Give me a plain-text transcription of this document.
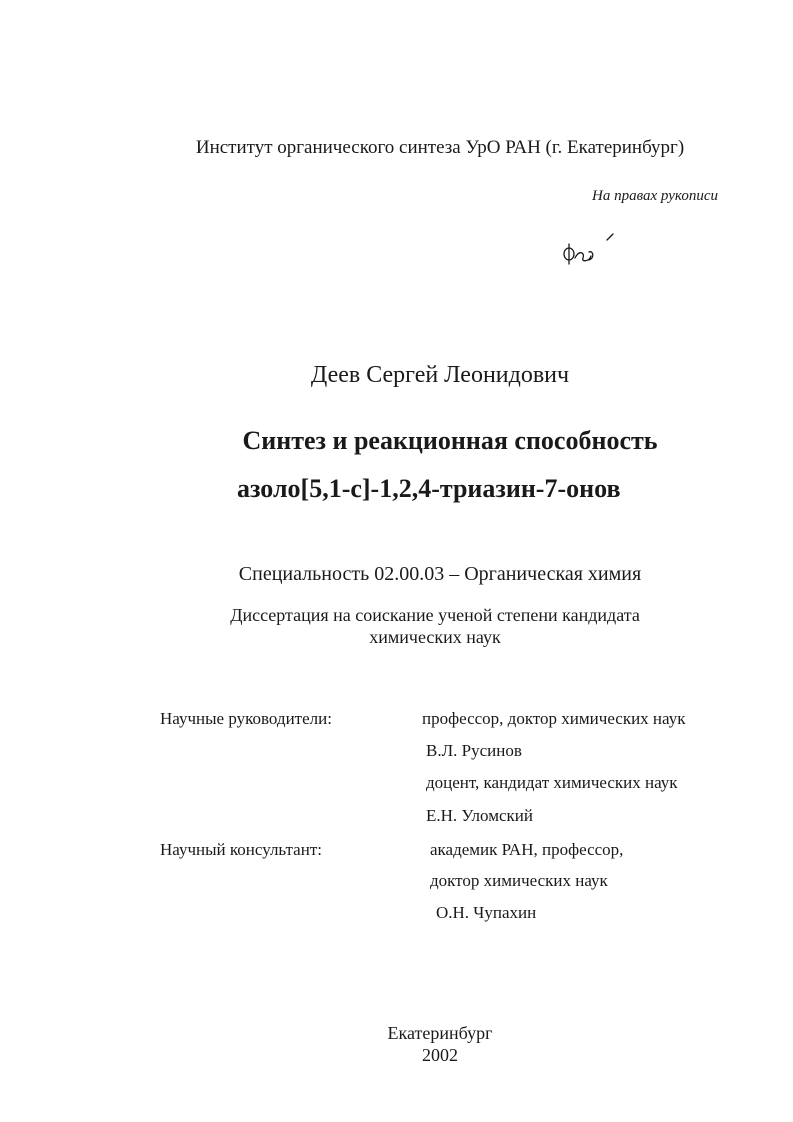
Институт органического синтеза УрО РАН (г. Екатеринбург)
На правах рукописи
Деев Сергей Леонидович
Синтез и реакционная способность
азоло[5,1-c]-1,2,4-триазин-7-онов
Специальность 02.00.03 – Органическая химия
Диссертация на соискание ученой степени кандидата
химических наук
Научные руководители:	профессор, доктор химических наук
В.Л. Русинов
доцент, кандидат химических наук
Е.Н. Уломский
Научный консультант:	академик РАН, профессор,
доктор химических наук
О.Н. Чупахин
Екатеринбург
2002
